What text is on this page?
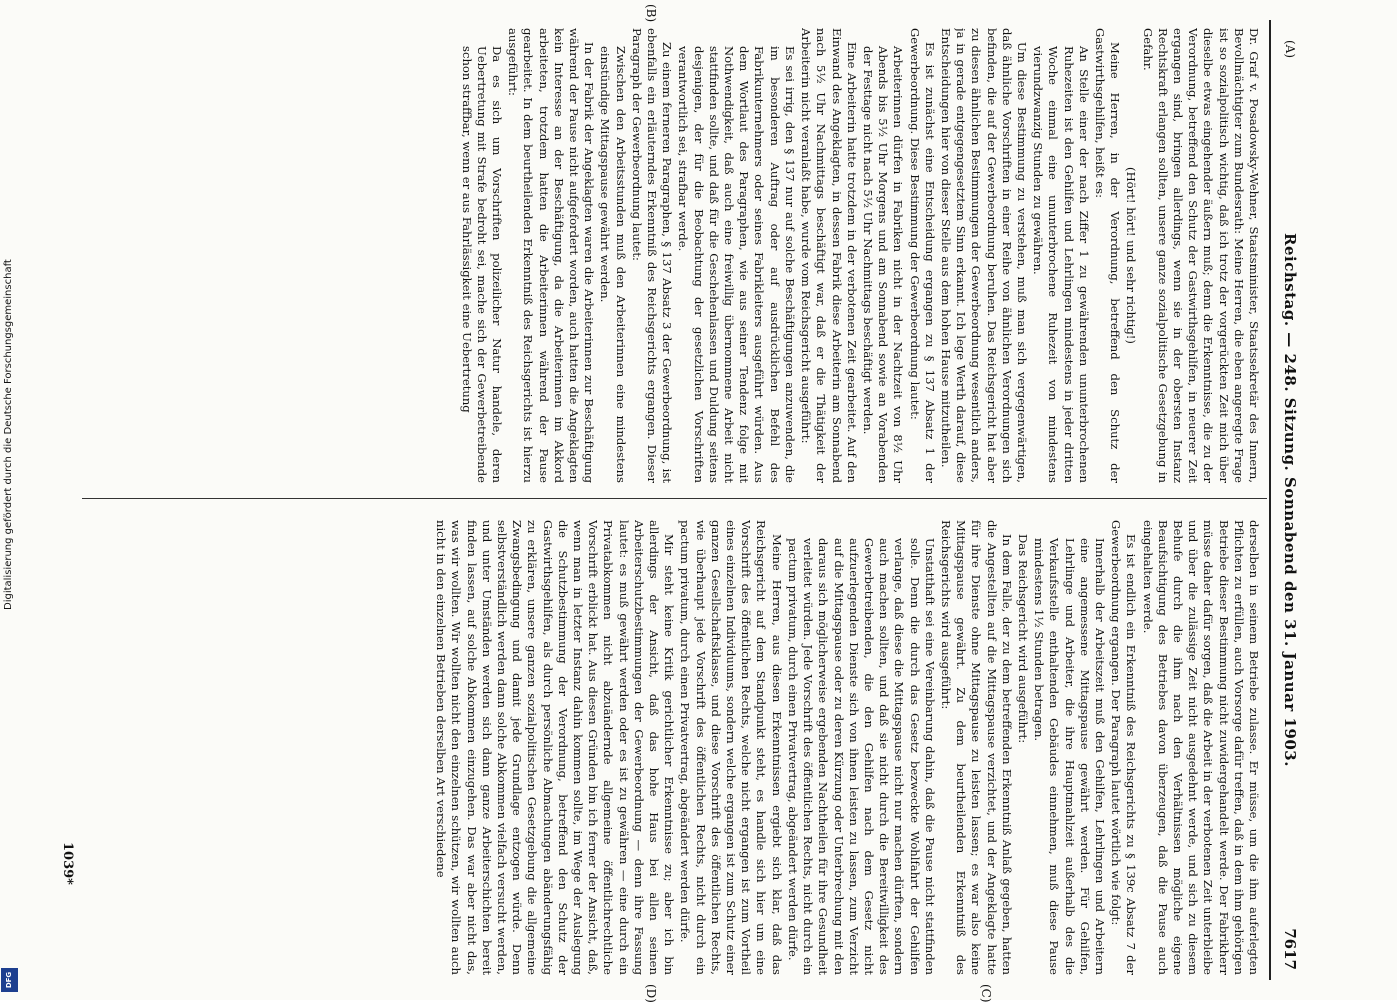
(A)
Reichstag. — 248. Sitzung. Sonnabend den 31. Januar 1903.
7617
(B)
(C)
(D)

Dr. Graf v. Posadowsky-Wehner, Staatsminister, Staatssekretär des Innern, Bevollmächtigter zum Bundesrath: Meine Herren, die eben angeregte Frage ist so sozialpolitisch wichtig, daß ich trotz der vorgerückten Zeit mich über dieselbe etwas eingehender äußern muß; denn die Erkenntnisse, die zu der Verordnung, betreffend den Schutz der Gastwirthsgehilfen, in neuerer Zeit ergangen sind, bringen allerdings, wenn sie in der obersten Instanz Rechtskraft erlangen sollten, unsere ganze sozialpolitische Gesetzgebung in Gefahr.

(Hört! hört! und sehr richtig!)

Meine Herren, in der Verordnung, betreffend den Schutz der Gastwirthsgehilfen, heißt es:

An Stelle einer der nach Ziffer 1 zu gewährenden ununterbrochenen Ruhezeiten ist den Gehilfen und Lehrlingen mindestens in jeder dritten Woche einmal eine ununterbrochene Ruhezeit von mindestens vierundzwanzig Stunden zu gewähren.

Um diese Bestimmung zu verstehen, muß man sich vergegenwärtigen, daß ähnliche Vorschriften in einer Reihe von ähnlichen Verordnungen sich befinden, die auf der Gewerbeordnung beruhen. Das Reichsgericht hat aber zu diesen ähnlichen Bestimmungen der Gewerbeordnung wesentlich anders, ja in gerade entgegengesetztem Sinn erkannt. Ich lege Werth darauf, diese Entscheidungen hier von dieser Stelle aus dem hohen Hause mitzutheilen.

Es ist zunächst eine Entscheidung ergangen zu § 137 Absatz 1 der Gewerbeordnung. Diese Bestimmung der Gewerbeordnung lautet:

Arbeiterinnen dürfen in Fabriken nicht in der Nachtzeit von 8½ Uhr Abends bis 5½ Uhr Morgens und am Sonnabend sowie an Vorabenden der Festtage nicht nach 5½ Uhr Nachmittags beschäftigt werden.

Eine Arbeiterin hatte trotzdem in der verbotenen Zeit gearbeitet. Auf den Einwand des Angeklagten, in dessen Fabrik diese Arbeiterin am Sonnabend nach 5½ Uhr Nachmittags beschäftigt war, daß er die Thätigkeit der Arbeiterin nicht veranlaßt habe, wurde vom Reichsgericht ausgeführt:

Es sei irrig, den § 137 nur auf solche Beschäftigungen anzuwenden, die im besonderen Auftrag oder auf ausdrücklichen Befehl des Fabrikunternehmers oder seines Fabrikleiters ausgeführt würden. Aus dem Wortlaut des Paragraphen, wie aus seiner Tendenz folge mit Nothwendigkeit, daß auch eine freiwillig übernommene Arbeit nicht stattfinden sollte, und daß für die Geschehenlassen und Duldung seitens desjenigen, der für die Beobachtung der gesetzlichen Vorschriften verantwortlich sei, strafbar werde.

Zu einem ferneren Paragraphen, § 137 Absatz 3 der Gewerbeordnung, ist ebenfalls ein erläuterndes Erkenntniß des Reichsgerichts ergangen. Dieser Paragraph der Gewerbeordnung lautet:

Zwischen den Arbeitsstunden muß den Arbeiterinnen eine mindestens einstündige Mittagspause gewährt werden.

In der Fabrik der Angeklagten waren die Arbeiterinnen zur Beschäftigung während der Pause nicht aufgefordert worden, auch hatten die Angeklagten kein Interesse an der Beschäftigung, da die Arbeiterinnen im Akkord arbeiteten, trotzdem hatten die Arbeiterinnen während der Pause gearbeitet. In dem beurtheilenden Erkenntniß des Reichsgerichts ist hierzu ausgeführt:

Da es sich um Vorschriften polizeilicher Natur handele, deren Uebertretung mit Strafe bedroht sei, mache sich der Gewerbetreibende schon straffbar, wenn er aus Fahrlässigkeit eine Uebertretung

derselben in seinem Betriebe zulasse. Er müsse, um die ihm auferlegten Pflichten zu erfüllen, auch Vorsorge dafür treffen, daß in dem ihm gehörigen Betriebe dieser Bestimmung nicht zuwidergehandelt werde. Der Fabrikherr müsse daher dafür sorgen, daß die Arbeit in der verbotenen Zeit unterbleibe und über die zulässige Zeit nicht ausgedehnt werde, und sich zu diesem Behufe durch die ihm nach den Verhältnissen mögliche eigene Beaufsichtigung des Betriebes davon überzeugen, daß die Pause auch eingehalten werde.

Es ist endlich ein Erkenntniß des Reichsgerichts zu § 139c Absatz 7 der Gewerbeordnung ergangen. Der Paragraph lautet wörtlich wie folgt:

Innerhalb der Arbeitszeit muß den Gehilfen, Lehrlingen und Arbeitern eine angemessene Mittagspause gewährt werden. Für Gehilfen, Lehrlinge und Arbeiter, die ihre Hauptmahlzeit außerhalb des die Verkaufsstelle enthaltenden Gebäudes einnehmen, muß diese Pause mindestens 1½ Stunden betragen.

Das Reichsgericht wird ausgeführt:

In dem Falle, der zu dem betreffenden Erkenntniß Anlaß gegeben, hatten die Angestellten auf die Mittagspause verzichtet, und der Angeklagte hatte für ihre Dienste ohne Mittagspause zu leisten lassen; es war also keine Mittagspause gewährt. Zu dem beurtheilenden Erkenntniß des Reichsgerichts wird ausgeführt:

Unstatthaft sei eine Vereinbarung dahin, daß die Pause nicht stattfinden solle. Denn die durch das Gesetz bezweckte Wohlfahrt der Gehilfen verlange, daß diese die Mittagspause nicht nur machen dürften, sondern auch machen sollten, und daß sie nicht durch die Bereitwilligkeit des Gewerbetreibenden, die den Gehilfen nach dem Gesetz nicht aufzuerlegenden Dienste sich von ihnen leisten zu lassen, zum Verzicht auf die Mittagspause oder zu deren Kürzung oder Unterbrechung mit den daraus sich möglicherweise ergebenden Nachtheilen für ihre Gesundheit verleitet würden. Jede Vorschrift des öffentlichen Rechts, nicht durch ein pactum privatum, durch einen Privatvertrag, abgeändert werden dürfe.

Meine Herren, aus diesen Erkenntnissen ergiebt sich klar, daß das Reichsgericht auf dem Standpunkt steht, es handle sich hier um eine Vorschrift des öffentlichen Rechts, welche nicht ergangen ist zum Vortheil eines einzelnen Individuums, sondern welche ergangen ist zum Schutz einer ganzen Gesellschaftsklasse, und diese Vorschrift des öffentlichen Rechts, wie überhaupt jede Vorschrift des öffentlichen Rechts, nicht durch ein pactum privatum, durch einen Privatvertrag, abgeändert werden dürfe.

Mir steht keine Kritik gerichtlicher Erkenntnisse zu; aber ich bin allerdings der Ansicht, daß das hohe Haus bei allen seinen Arbeiterschutzbestimmungen der Gewerbeordnung — denn ihre Fassung lautet: es muß gewährt werden oder es ist zu gewähren — eine durch ein Privatabkommen nicht abzuändernde allgemeine öffentlichrechtliche Vorschrift erblickt hat. Aus diesen Gründen bin ich ferner der Ansicht, daß, wenn man in letzter Instanz dahin kommen sollte, im Wege der Auslegung die Schutzbestimmung der Verordnung, betreffend den Schutz der Gastwirthsgehilfen, als durch persönliche Abmachungen abänderungsfähig zu erklären, unsere ganzen sozialpolitischen Gesetzgebung die allgemeine Zwangsbedingung und damit jede Grundlage entzogen würde. Denn selbstverständlich werden dann solche Abkommen vielfach versucht werden, und unter Umständen werden sich dann ganze Arbeiterschichten bereit finden lassen, auf solche Abkommen einzugehen. Das war aber nicht das, was wir wollten. Wir wollten nicht den einzelnen schützen, wir wollten auch nicht in den einzelnen Betrieben derselben Art verschiedene

1039*
Digitalisierung gefördert durch die Deutsche Forschungsgemeinschaft
DFG
